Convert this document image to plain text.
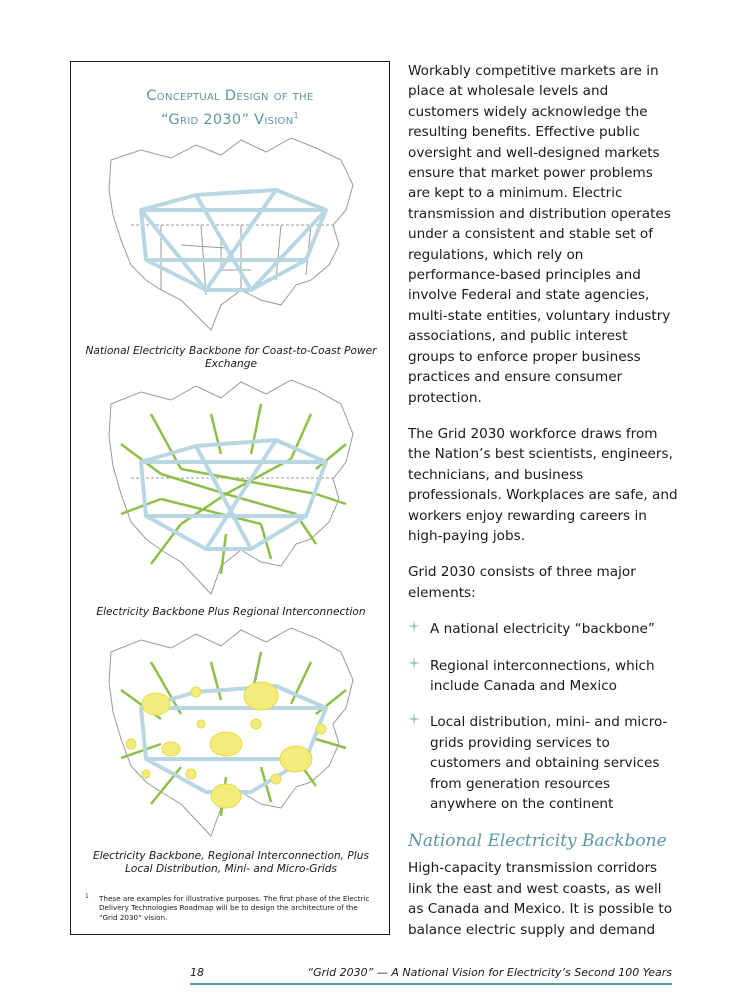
Conceptual Design of the
“Grid 2030” Vision$^1$
National Electricity Backbone for Coast-to-Coast Power Exchange
Electricity Backbone Plus Regional Interconnection
Electricity Backbone, Regional Interconnection, Plus Local Distribution, Mini- and Micro-Grids
1	These are examples for illustrative purposes. The first phase of the Electric Delivery Technologies Roadmap will be to design the architecture of the “Grid 2030” vision.

Workably competitive markets are in place at wholesale levels and customers widely acknowledge the resulting benefits. Effective public oversight and well-designed markets ensure that market power problems are kept to a minimum. Electric transmission and distribution operates under a consistent and stable set of regulations, which rely on performance-based principles and involve Federal and state agencies, multi-state entities, voluntary industry associations, and public interest groups to enforce proper business practices and ensure consumer protection.

The Grid 2030 workforce draws from the Nation’s best scientists, engineers, technicians, and business professionals. Workplaces are safe, and workers enjoy rewarding careers in high-paying jobs.

Grid 2030 consists of three major elements:

A national electricity “backbone”
Regional interconnections, which include Canada and Mexico
Local distribution, mini- and micro-grids providing services to customers and obtaining services from generation resources anywhere on the continent
National Electricity Backbone

High-capacity transmission corridors link the east and west coasts, as well as Canada and Mexico. It is possible to balance electric supply and demand

18	“Grid 2030” — A National Vision for Electricity’s Second 100 Years
